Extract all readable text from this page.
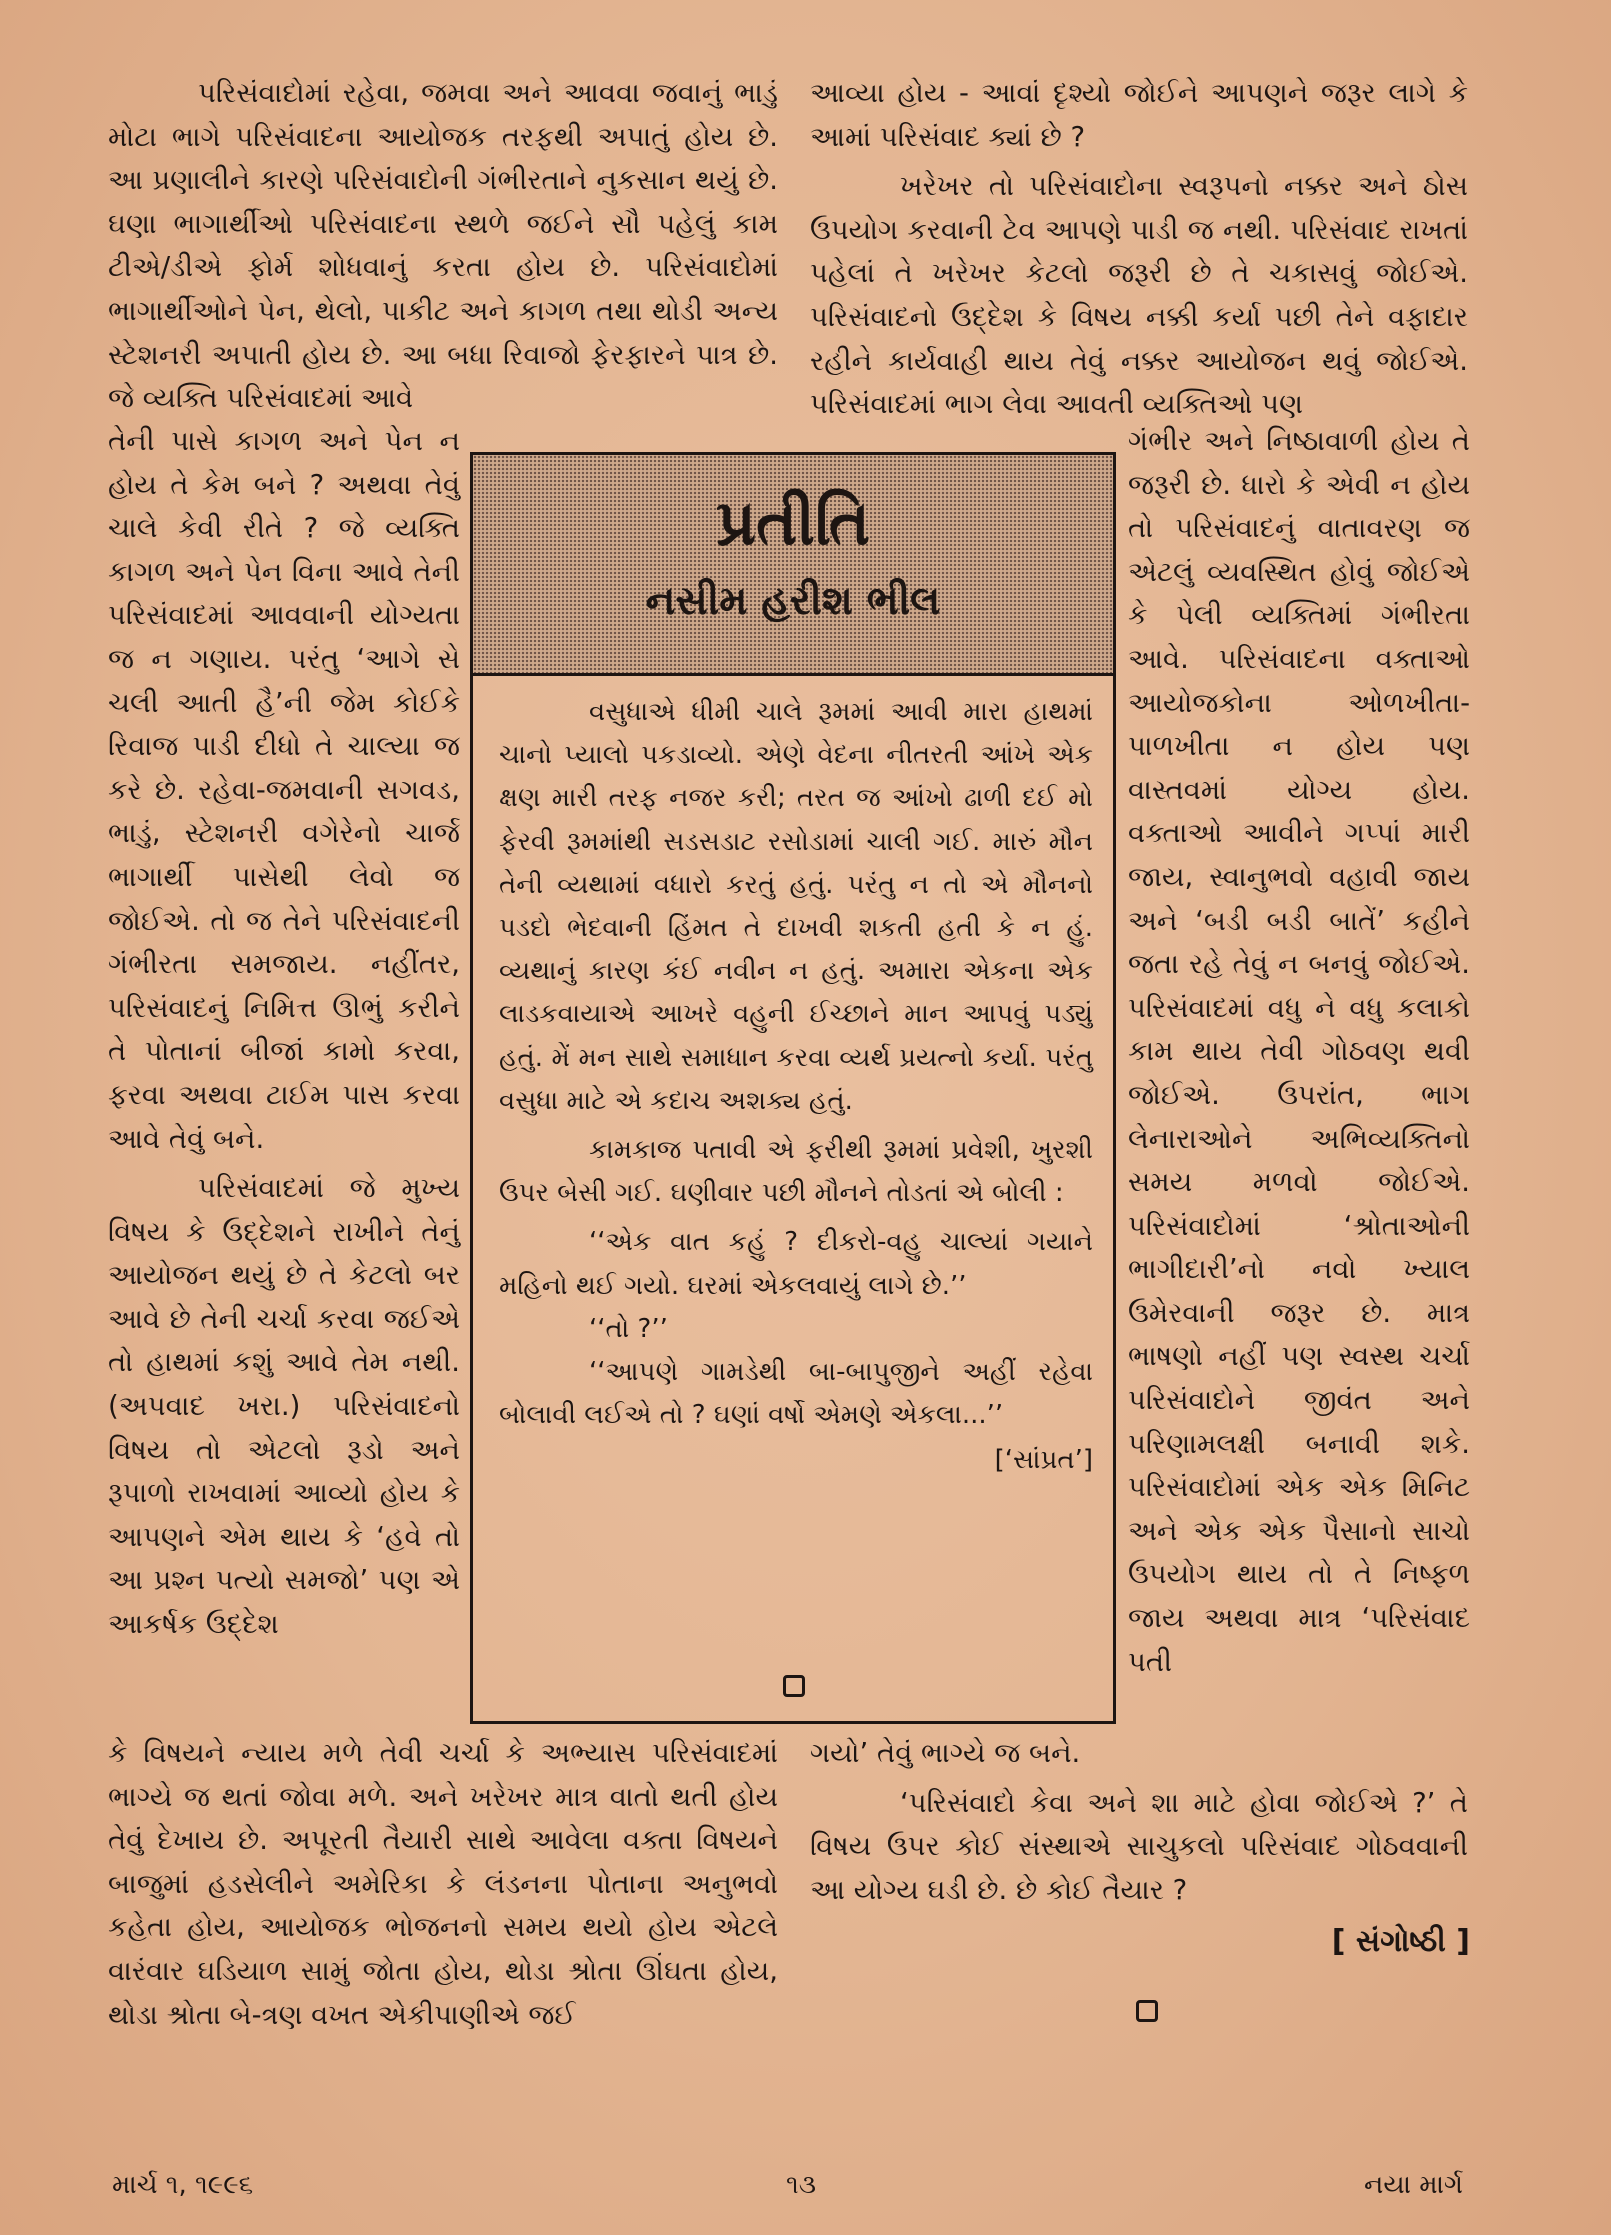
પરિસંવાદોમાં રહેવા, જમવા અને આવવા જવાનું ભાડું મોટા ભાગે પરિસંવાદના આયોજક તરફથી અપાતું હોય છે. આ પ્રણાલીને કારણે પરિસંવાદોની ગંભીરતાને નુકસાન થયું છે. ઘણા ભાગાર્થીઓ પરિસંવાદના સ્થળે જઈને સૌ પહેલું કામ ટીએ/ડીએ ફોર્મ શોધવાનું કરતા હોય છે. પરિસંવાદોમાં ભાગાર્થીઓને પેન, થેલો, પાકીટ અને કાગળ તથા થોડી અન્ય સ્ટેશનરી અપાતી હોય છે. આ બધા રિવાજો ફેરફારને પાત્ર છે. જે વ્યક્તિ પરિસંવાદમાં આવે

આવ્યા હોય - આવાં દૃશ્યો જોઈને આપણને જરૂર લાગે કે આમાં પરિસંવાદ ક્યાં છે ?

ખરેખર તો પરિસંવાદોના સ્વરૂપનો નક્કર અને ઠોસ ઉપયોગ કરવાની ટેવ આપણે પાડી જ નથી. પરિસંવાદ રાખતાં પહેલાં તે ખરેખર કેટલો જરૂરી છે તે ચકાસવું જોઈએ. પરિસંવાદનો ઉદ્દેશ કે વિષય નક્કી કર્યા પછી તેને વફાદાર રહીને કાર્યવાહી થાય તેવું નક્કર આયોજન થવું જોઈએ. પરિસંવાદમાં ભાગ લેવા આવતી વ્યક્તિઓ પણ

તેની પાસે કાગળ અને પેન ન હોય તે કેમ બને ? અથવા તેવું ચાલે કેવી રીતે ? જે વ્યક્તિ કાગળ અને પેન વિના આવે તેની પરિસંવાદમાં આવવાની યોગ્યતા જ ન ગણાય. પરંતુ ‘આગે સે ચલી આતી હૈ’ની જેમ કોઈકે રિવાજ પાડી દીધો તે ચાલ્યા જ કરે છે. રહેવા-જમવાની સગવડ, ભાડું, સ્ટેશનરી વગેરેનો ચાર્જ ભાગાર્થી પાસેથી લેવો જ જોઈએ. તો જ તેને પરિસંવાદની ગંભીરતા સમજાય. નહીંતર, પરિસંવાદનું નિમિત્ત ઊભું કરીને તે પોતાનાં બીજાં કામો કરવા, ફરવા અથવા ટાઈમ પાસ કરવા આવે તેવું બને.

પરિસંવાદમાં જે મુખ્ય વિષય કે ઉદ્દેશને રાખીને તેનું આયોજન થયું છે તે કેટલો બર આવે છે તેની ચર્ચા કરવા જઈએ તો હાથમાં કશું આવે તેમ નથી. (અપવાદ ખરા.) પરિસંવાદનો વિષય તો એટલો રૂડો અને રૂપાળો રાખવામાં આવ્યો હોય કે આપણને એમ થાય કે ‘હવે તો આ પ્રશ્ન પત્યો સમજો’ પણ એ આકર્ષક ઉદ્દેશ

પ્રતીતિ
નસીમ હરીશ ભીલ

વસુધાએ ધીમી ચાલે રૂમમાં આવી મારા હાથમાં ચાનો પ્યાલો પકડાવ્યો. એણે વેદના નીતરતી આંખે એક ક્ષણ મારી તરફ નજર કરી; તરત જ આંખો ઢાળી દઈ મો ફેરવી રૂમમાંથી સડસડાટ રસોડામાં ચાલી ગઈ. મારું મૌન તેની વ્યથામાં વધારો કરતું હતું. પરંતુ ન તો એ મૌનનો પડદો ભેદવાની હિંમત તે દાખવી શકતી હતી કે ન હું. વ્યથાનું કારણ કંઈ નવીન ન હતું. અમારા એકના એક લાડકવાયાએ આખરે વહુની ઈચ્છાને માન આપવું પડ્યું હતું. મેં મન સાથે સમાધાન કરવા વ્યર્થ પ્રયત્નો કર્યા. પરંતુ વસુધા માટે એ કદાચ અશક્ય હતું.

કામકાજ પતાવી એ ફરીથી રૂમમાં પ્રવેશી, ખુરશી ઉપર બેસી ગઈ. ઘણીવાર પછી મૌનને તોડતાં એ બોલી :

‘‘એક વાત કહું ? દીકરો-વહુ ચાલ્યાં ગયાને મહિનો થઈ ગયો. ઘરમાં એકલવાયું લાગે છે.’’

‘‘તો ?’’

‘‘આપણે ગામડેથી બા-બાપુજીને અહીં રહેવા બોલાવી લઈએ તો ? ઘણાં વર્ષો એમણે એકલા...’’

[‘સાંપ્રત’]

ગંભીર અને નિષ્ઠાવાળી હોય તે જરૂરી છે. ધારો કે એવી ન હોય તો પરિસંવાદનું વાતાવરણ જ એટલું વ્યવસ્થિત હોવું જોઈએ કે પેલી વ્યક્તિમાં ગંભીરતા આવે. પરિસંવાદના વક્તાઓ આયોજકોના ઓળખીતા-પાળખીતા ન હોય પણ વાસ્તવમાં યોગ્ય હોય. વક્તાઓ આવીને ગપ્પાં મારી જાય, સ્વાનુભવો વહાવી જાય અને ‘બડી બડી બાતેં’ કહીને જતા રહે તેવું ન બનવું જોઈએ. પરિસંવાદમાં વધુ ને વધુ કલાકો કામ થાય તેવી ગોઠવણ થવી જોઈએ. ઉપરાંત, ભાગ લેનારાઓને અભિવ્યક્તિનો સમય મળવો જોઈએ. પરિસંવાદોમાં ‘શ્રોતાઓની ભાગીદારી’નો નવો ખ્યાલ ઉમેરવાની જરૂર છે. માત્ર ભાષણો નહીં પણ સ્વસ્થ ચર્ચા પરિસંવાદોને જીવંત અને પરિણામલક્ષી બનાવી શકે. પરિસંવાદોમાં એક એક મિનિટ અને એક એક પૈસાનો સાચો ઉપયોગ થાય તો તે નિષ્ફળ જાય અથવા માત્ર ‘પરિસંવાદ પતી

કે વિષયને ન્યાય મળે તેવી ચર્ચા કે અભ્યાસ પરિસંવાદમાં ભાગ્યે જ થતાં જોવા મળે. અને ખરેખર માત્ર વાતો થતી હોય તેવું દેખાય છે. અપૂરતી તૈયારી સાથે આવેલા વક્તા વિષયને બાજુમાં હડસેલીને અમેરિકા કે લંડનના પોતાના અનુભવો કહેતા હોય, આયોજક ભોજનનો સમય થયો હોય એટલે વારંવાર ઘડિયાળ સામું જોતા હોય, થોડા શ્રોતા ઊંઘતા હોય, થોડા શ્રોતા બે-ત્રણ વખત એકીપાણીએ જઈ

ગયો’ તેવું ભાગ્યે જ બને.

‘પરિસંવાદો કેવા અને શા માટે હોવા જોઈએ ?’ તે વિષય ઉપર કોઈ સંસ્થાએ સાચુકલો પરિસંવાદ ગોઠવવાની આ યોગ્ય ઘડી છે. છે કોઈ તૈયાર ?

[ સંગોષ્ઠી ]
માર્ચ ૧, ૧૯૯૬	૧૩	નયા માર્ગ
